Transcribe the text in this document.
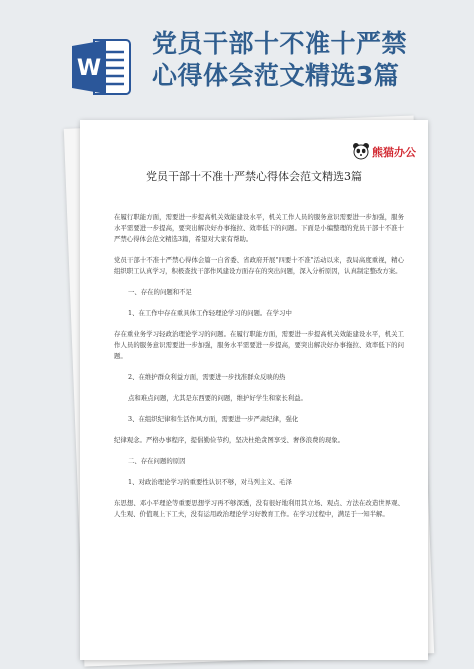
W
党员干部十不准十严禁
心得体会范文精选3篇
熊猫办公
党员干部十不准十严禁心得体会范文精选3篇

在履行职能方面，需要进一步提高机关效能建设水平，机关工作人员的服务意识需要进一步加强，服务水平需要进一步提高，要突出解决好办事拖拉、效率低下的问题。下面是小编整理的党员干部十不准十严禁心得体会范文精选3篇，希望对大家有帮助。

党员干部十不准十严禁心得体会篇一自省委、省政府开展"四要十不准"活动以来，我局高度重视，精心组织职工认真学习，积极查找干部作风建设方面存在的突出问题，深入分析原因，认真制定整改方案。

一、存在的问题和不足

1、在工作中存在重具体工作轻理论学习的问题。在学习中

存在重业务学习轻政治理论学习的问题。在履行职能方面，需要进一步提高机关效能建设水平，机关工作人员的服务意识需要进一步加强，服务水平需要进一步提高，要突出解决好办事拖拉、效率低下的问题。

2、在维护群众利益方面，需要进一步找准群众反映的热

点和难点问题，尤其是东西要的问题，维护好学生和家长利益。

3、在组织纪律和生活作风方面，需要进一步严肃纪律，强化

纪律观念。严格办事程序，提倡勤俭节约，坚决杜绝贪图享受、奢侈浪费的现象。

二、存在问题的原因

1、对政治理论学习的重要性认识不够，对马列主义、毛泽

东思想、邓小平理论等重要思想学习再不够深透，没有很好地利用其立场、观点、方法在改造世界观、人生观、价值观上下工夫，没有运用政治理论学习好教育工作。在学习过程中，满足于一知半解。
